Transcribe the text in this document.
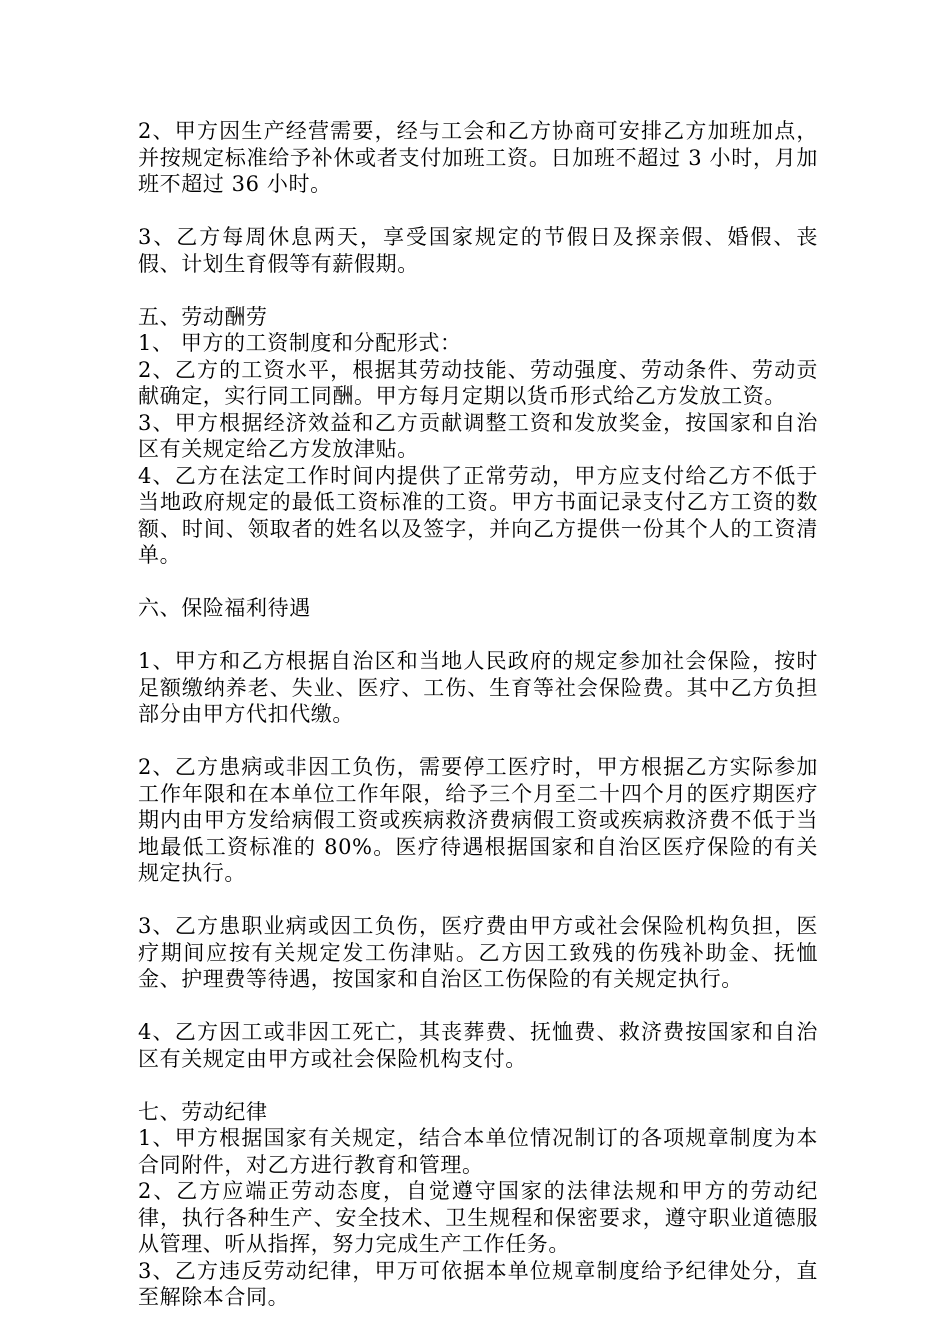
2、甲方因生产经营需要，经与工会和乙方协商可安排乙方加班加点，并按规定标准给予补休或者支付加班工资。日加班不超过 3 小时，月加班不超过 36 小时。

3、乙方每周休息两天，享受国家规定的节假日及探亲假、婚假、丧假、计划生育假等有薪假期。

五、劳动酬劳

1、 甲方的工资制度和分配形式：

2、乙方的工资水平，根据其劳动技能、劳动强度、劳动条件、劳动贡献确定，实行同工同酬。甲方每月定期以货币形式给乙方发放工资。

3、甲方根据经济效益和乙方贡献调整工资和发放奖金，按国家和自治区有关规定给乙方发放津贴。

4、乙方在法定工作时间内提供了正常劳动，甲方应支付给乙方不低于当地政府规定的最低工资标准的工资。甲方书面记录支付乙方工资的数额、时间、领取者的姓名以及签字，并向乙方提供一份其个人的工资清单。

六、保险福利待遇

1、甲方和乙方根据自治区和当地人民政府的规定参加社会保险，按时足额缴纳养老、失业、医疗、工伤、生育等社会保险费。其中乙方负担部分由甲方代扣代缴。

2、乙方患病或非因工负伤，需要停工医疗时，甲方根据乙方实际参加工作年限和在本单位工作年限，给予三个月至二十四个月的医疗期医疗期内由甲方发给病假工资或疾病救济费病假工资或疾病救济费不低于当地最低工资标准的 80%。医疗待遇根据国家和自治区医疗保险的有关规定执行。

3、乙方患职业病或因工负伤，医疗费由甲方或社会保险机构负担，医疗期间应按有关规定发工伤津贴。乙方因工致残的伤残补助金、抚恤金、护理费等待遇，按国家和自治区工伤保险的有关规定执行。

4、乙方因工或非因工死亡，其丧葬费、抚恤费、救济费按国家和自治区有关规定由甲方或社会保险机构支付。

七、劳动纪律

1、甲方根据国家有关规定，结合本单位情况制订的各项规章制度为本合同附件，对乙方进行教育和管理。

2、乙方应端正劳动态度，自觉遵守国家的法律法规和甲方的劳动纪律，执行各种生产、安全技术、卫生规程和保密要求，遵守职业道德服从管理、听从指挥，努力完成生产工作任务。

3、乙方违反劳动纪律，甲万可依据本单位规章制度给予纪律处分，直至解除本合同。
